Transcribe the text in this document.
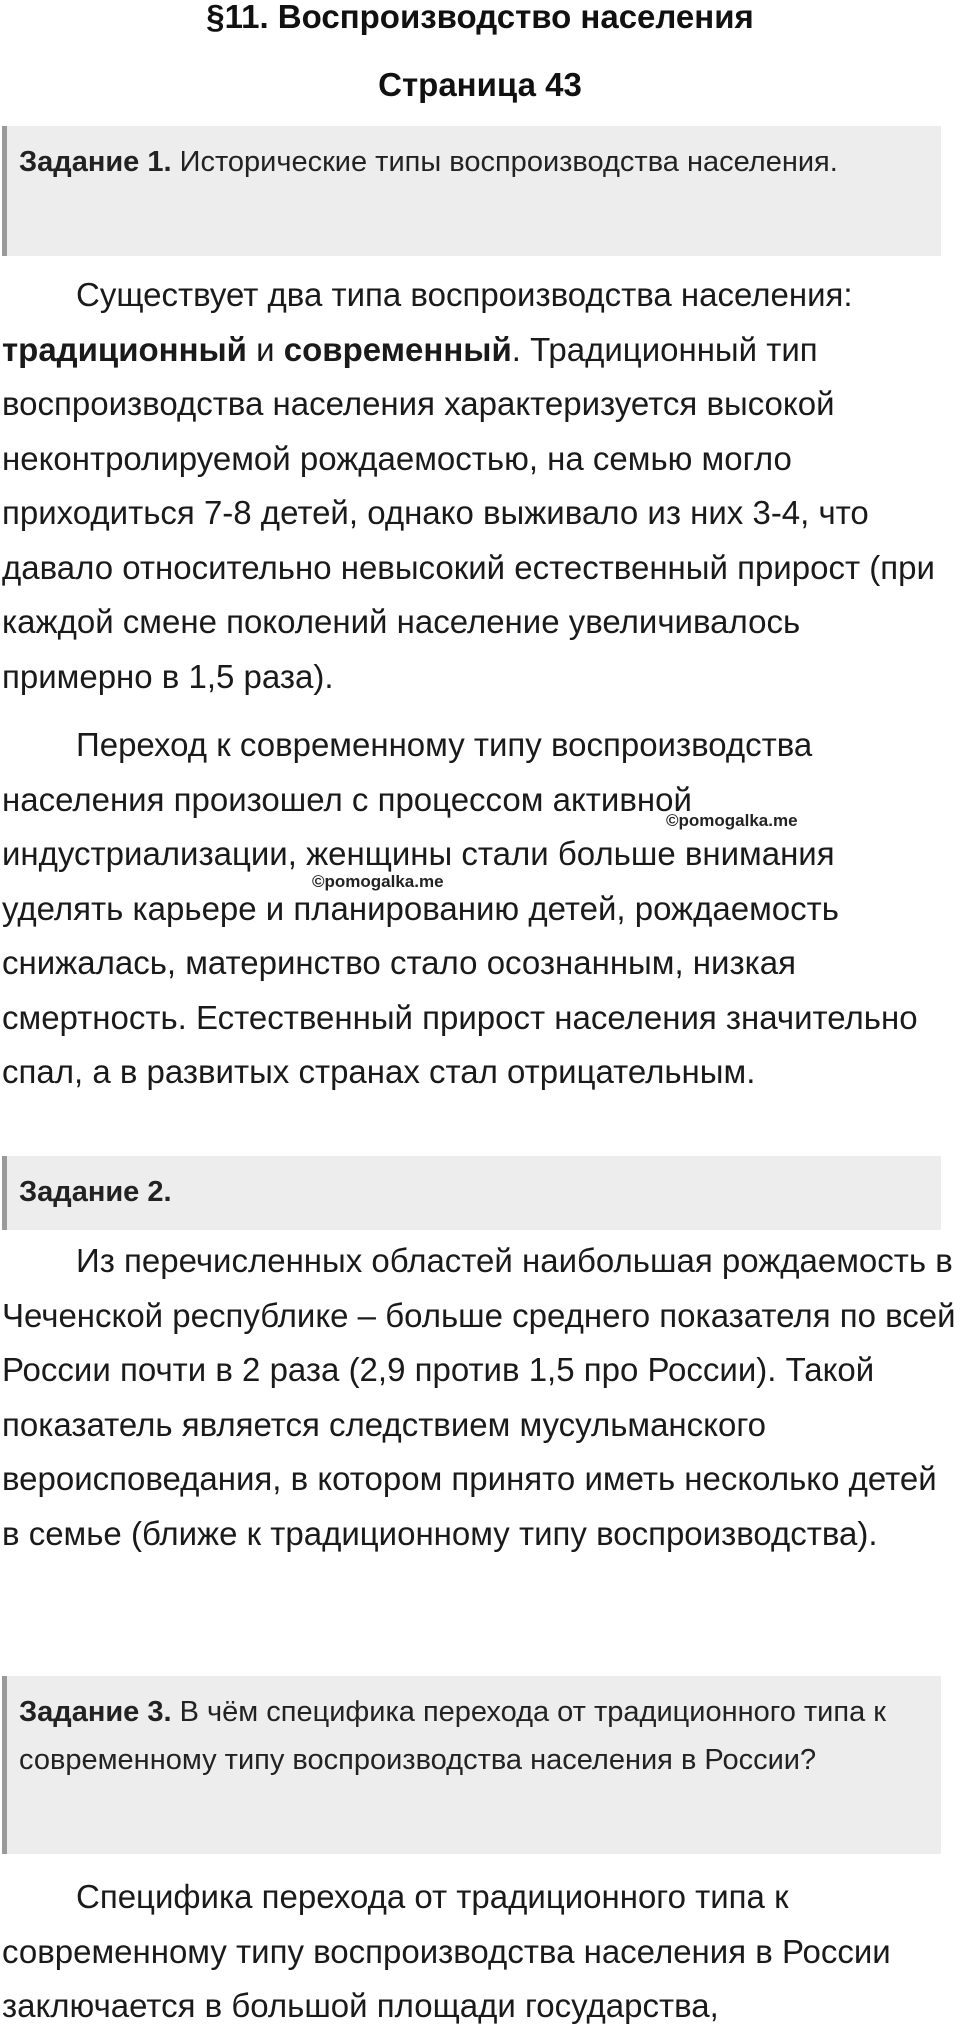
§11. Воспроизводство населения
Страница 43
Задание 1. Исторические типы воспроизводства населения.
Существует два типа воспроизводства населения: традиционный и современный. Традиционный тип воспроизводства населения характеризуется высокой неконтролируемой рождаемостью, на семью могло приходиться 7-8 детей, однако выживало из них 3-4, что давало относительно невысокий естественный прирост (при каждой смене поколений население увеличивалось примерно в 1,5 раза).
Переход к современному типу воспроизводства населения произошел с процессом активной индустриализации, женщины стали больше внимания уделять карьере и планированию детей, рождаемость снижалась, материнство стало осознанным, низкая смертность. Естественный прирост населения значительно спал, а в развитых странах стал отрицательным.
©pomogalka.me
©pomogalka.me
Задание 2.
Из перечисленных областей наибольшая рождаемость в Чеченской республике – больше среднего показателя по всей России почти в 2 раза (2,9 против 1,5 про России). Такой показатель является следствием мусульманского вероисповедания, в котором принято иметь несколько детей в семье (ближе к традиционному типу воспроизводства).
Задание 3. В чём специфика перехода от традиционного типа к современному типу воспроизводства населения в России?
Специфика перехода от традиционного типа к современному типу воспроизводства населения в России заключается в большой площади государства,
